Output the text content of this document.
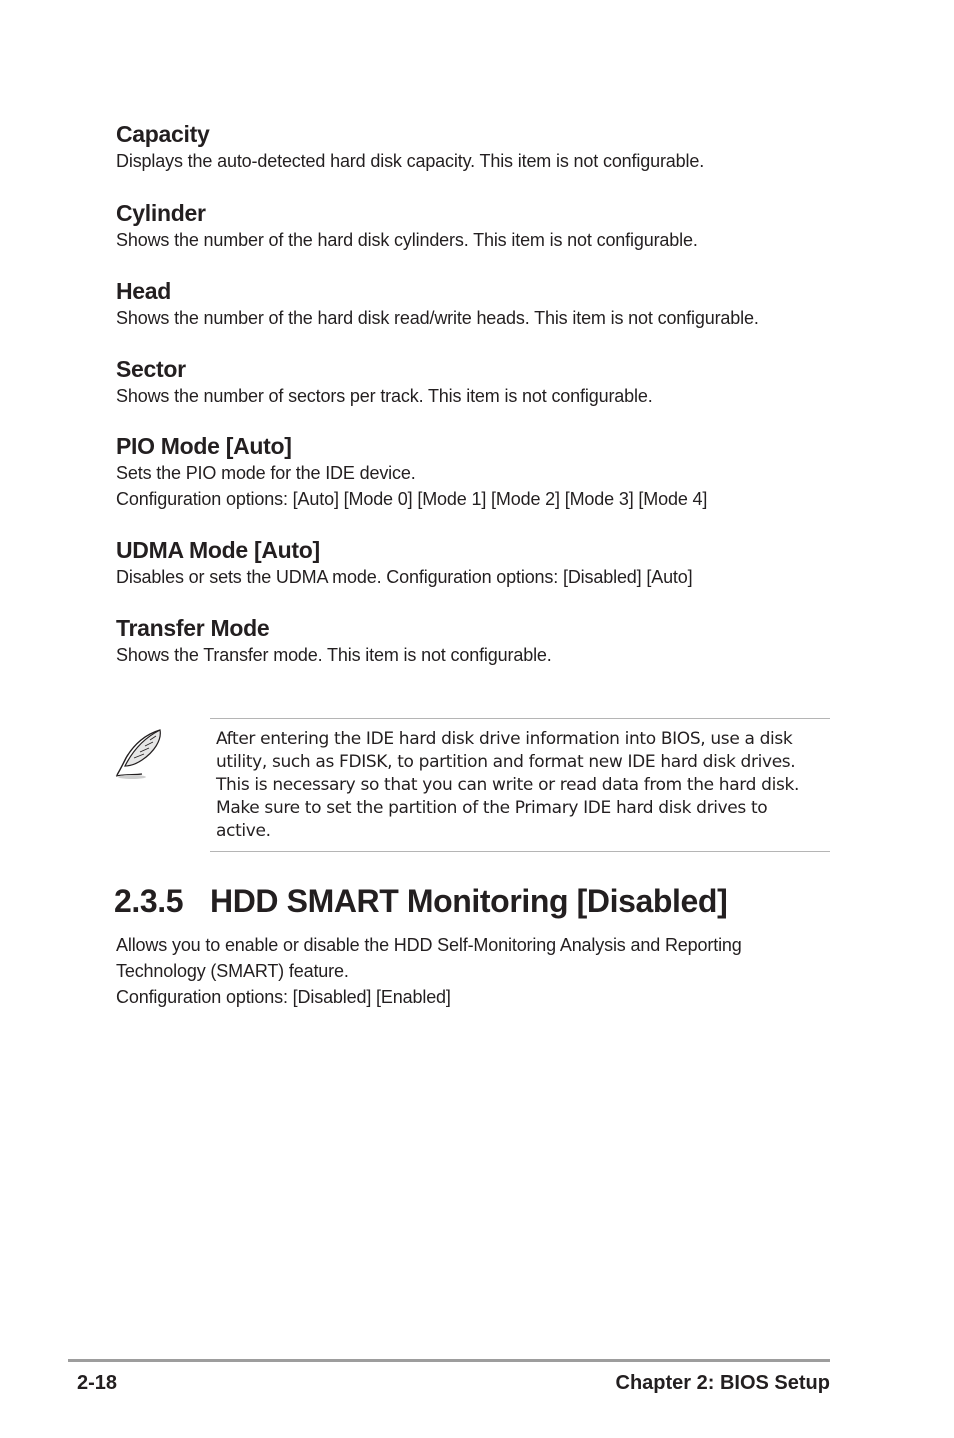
Capacity

Displays the auto-detected hard disk capacity. This item is not configurable.

Cylinder

Shows the number of the hard disk cylinders. This item is not configurable.

Head

Shows the number of the hard disk read/write heads. This item is not configurable.

Sector

Shows the number of sectors per track. This item is not configurable.

PIO Mode [Auto]

Sets the PIO mode for the IDE device.

Configuration options: [Auto] [Mode 0] [Mode 1] [Mode 2] [Mode 3] [Mode 4]

UDMA Mode [Auto]

Disables or sets the UDMA mode. Configuration options: [Disabled] [Auto]

Transfer Mode

Shows the Transfer mode. This item is not configurable.

After entering the IDE hard disk drive information into BIOS, use a disk
utility, such as FDISK, to partition and format new IDE hard disk drives.
This is necessary so that you can write or read data from the hard disk.
Make sure to set the partition of the Primary IDE hard disk drives to
active.

2.3.5 HDD SMART Monitoring [Disabled]

Allows you to enable or disable the HDD Self-Monitoring Analysis and Reporting
Technology (SMART) feature.
Configuration options: [Disabled] [Enabled]

2-18	Chapter 2: BIOS Setup
